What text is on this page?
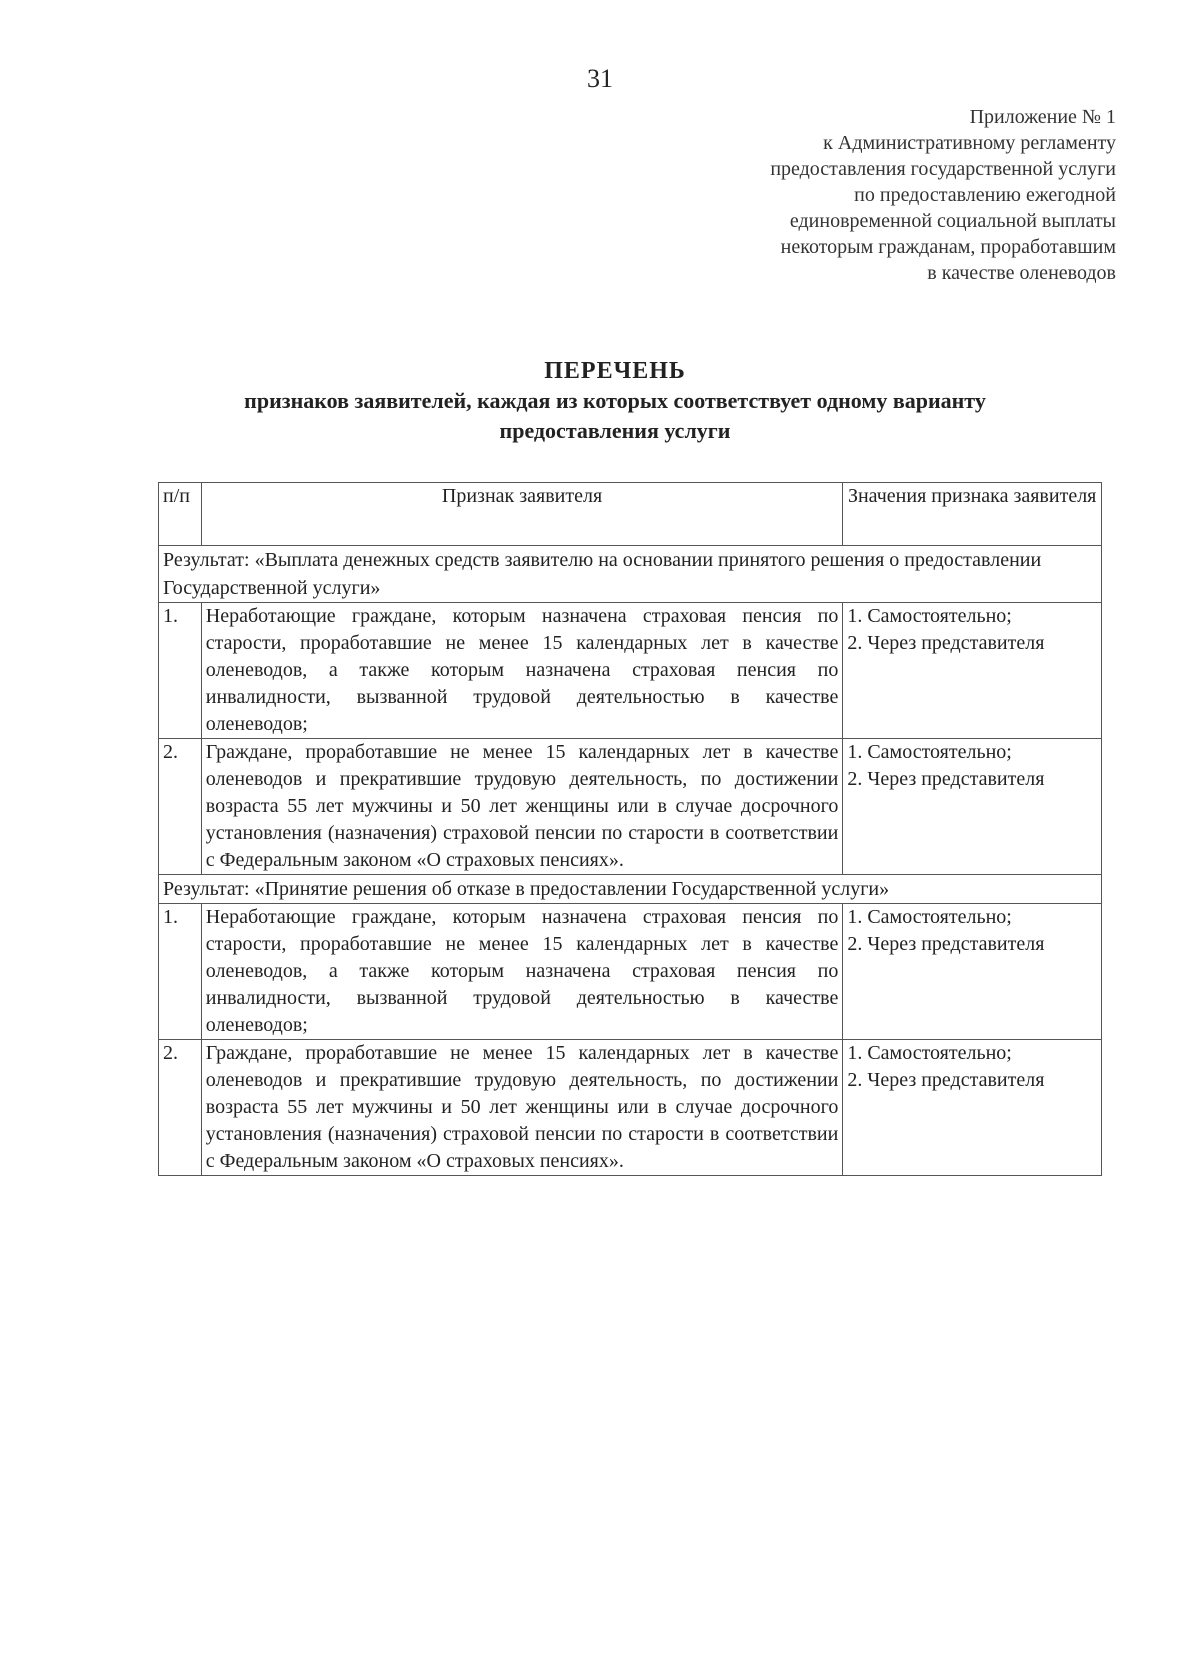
31
Приложение № 1
к Административному регламенту
предоставления государственной услуги
по предоставлению ежегодной
единовременной социальной выплаты
некоторым гражданам, проработавшим
в качестве оленеводов
ПЕРЕЧЕНЬ
признаков заявителей, каждая из которых соответствует одному варианту
предоставления услуги
п/п	Признак заявителя	Значения признака заявителя
Результат: «Выплата денежных средств заявителю на основании принятого решения о предоставлении Государственной услуги»		
1.	Неработающие граждане, которым назначена страховая пенсия по старости, проработавшие не менее 15 календарных лет в качестве оленеводов, а также которым назначена страховая пенсия по инвалидности, вызванной трудовой деятельностью в качестве оленеводов;	1. Самостоятельно;
2. Через представителя

2.	Граждане, проработавшие не менее 15 календарных лет в качестве оленеводов и прекратившие трудовую деятельность, по достижении возраста 55 лет мужчины и 50 лет женщины или в случае досрочного установления (назначения) страховой пенсии по старости в соответствии с Федеральным законом «О страховых пенсиях».	1. Самостоятельно;
2. Через представителя

Результат: «Принятие решения об отказе в предоставлении Государственной услуги»		
1.	Неработающие граждане, которым назначена страховая пенсия по старости, проработавшие не менее 15 календарных лет в качестве оленеводов, а также которым назначена страховая пенсия по инвалидности, вызванной трудовой деятельностью в качестве оленеводов;	1. Самостоятельно;
2. Через представителя

2.	Граждане, проработавшие не менее 15 календарных лет в качестве оленеводов и прекратившие трудовую деятельность, по достижении возраста 55 лет мужчины и 50 лет женщины или в случае досрочного установления (назначения) страховой пенсии по старости в соответствии с Федеральным законом «О страховых пенсиях».	1. Самостоятельно;
2. Через представителя
